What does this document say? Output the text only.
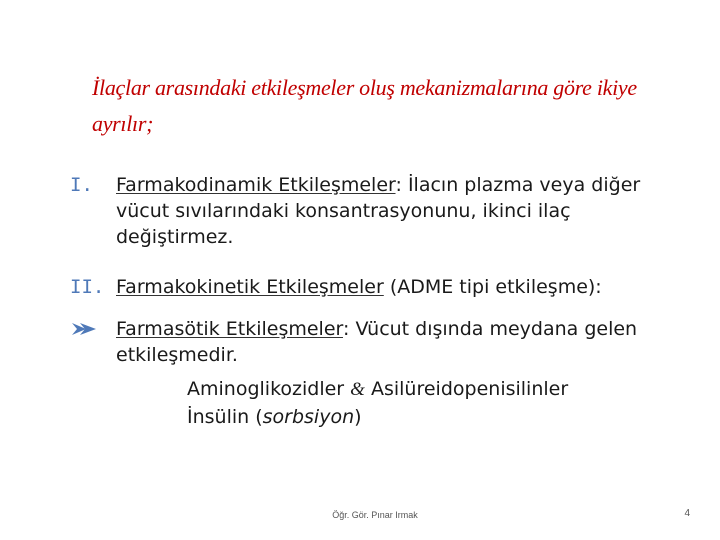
İlaçlar arasındaki etkileşmeler oluş mekanizmalarına göre ikiye ayrılır;
I.	Farmakodinamik Etkileşmeler: İlacın plazma veya diğer vücut sıvılarındaki konsantrasyonunu, ikinci ilaç değiştirmez.
II. Farmakokinetik Etkileşmeler (ADME tipi etkileşme):
Farmasötik Etkileşmeler: Vücut dışında meydana gelen etkileşmedir.
Aminoglikozidler & Asilüreidopenisilinler
İnsülin (sorbsiyon)
Öğr. Gör. Pınar Irmak	4
